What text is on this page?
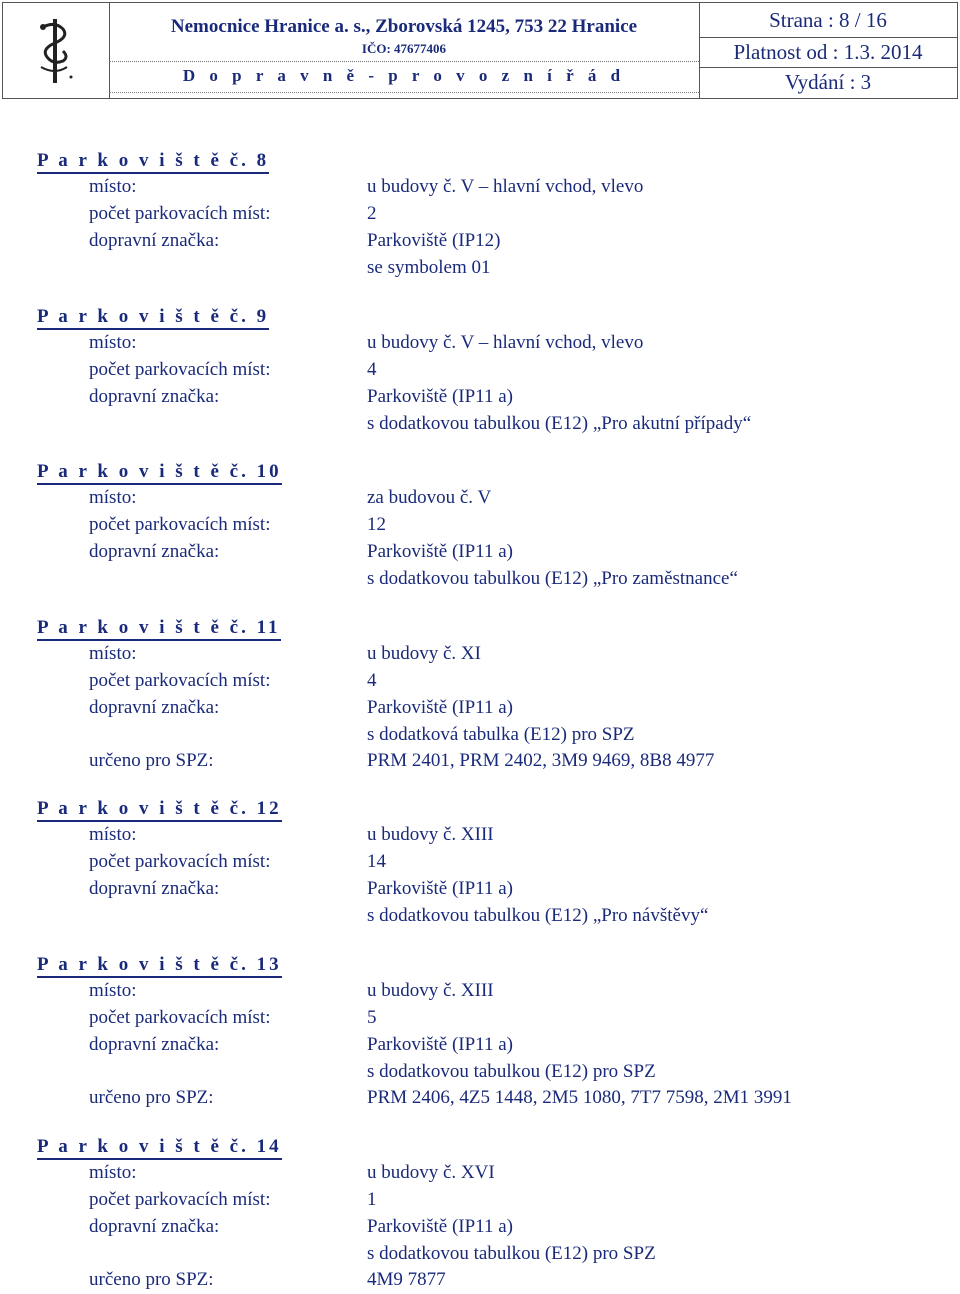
Nemocnice Hranice a. s., Zborovská 1245, 753 22 Hranice
IČO: 47677406
D o p r a v n ě - p r o v o z n í ř á d
Strana : 8 / 16
Platnost od : 1.3. 2014
Vydání : 3
P a r k o v i š t ě č. 8
místo:	u budovy č. V – hlavní vchod, vlevo
počet parkovacích míst:	2
dopravní značka:	Parkoviště (IP12)
se symbolem 01
P a r k o v i š t ě č. 9
místo:	u budovy č. V – hlavní vchod, vlevo
počet parkovacích míst:	4
dopravní značka:	Parkoviště (IP11 a)
s dodatkovou tabulkou (E12) „Pro akutní případy“
P a r k o v i š t ě č. 10
místo:	za budovou č. V
počet parkovacích míst:	12
dopravní značka:	Parkoviště (IP11 a)
s dodatkovou tabulkou (E12) „Pro zaměstnance“
P a r k o v i š t ě č. 11
místo:	u budovy č. XI
počet parkovacích míst:	4
dopravní značka:	Parkoviště (IP11 a)
s dodatková tabulka (E12) pro SPZ
určeno pro SPZ:	PRM 2401, PRM 2402, 3M9 9469, 8B8 4977
P a r k o v i š t ě č. 12
místo:	u budovy č. XIII
počet parkovacích míst:	14
dopravní značka:	Parkoviště (IP11 a)
s dodatkovou tabulkou (E12) „Pro návštěvy“
P a r k o v i š t ě č. 13
místo:	u budovy č. XIII
počet parkovacích míst:	5
dopravní značka:	Parkoviště (IP11 a)
s dodatkovou tabulkou (E12) pro SPZ
určeno pro SPZ:	PRM 2406, 4Z5 1448, 2M5 1080, 7T7 7598, 2M1 3991
P a r k o v i š t ě č. 14
místo:	u budovy č. XVI
počet parkovacích míst:	1
dopravní značka:	Parkoviště (IP11 a)
s dodatkovou tabulkou (E12) pro SPZ
určeno pro SPZ:	4M9 7877
